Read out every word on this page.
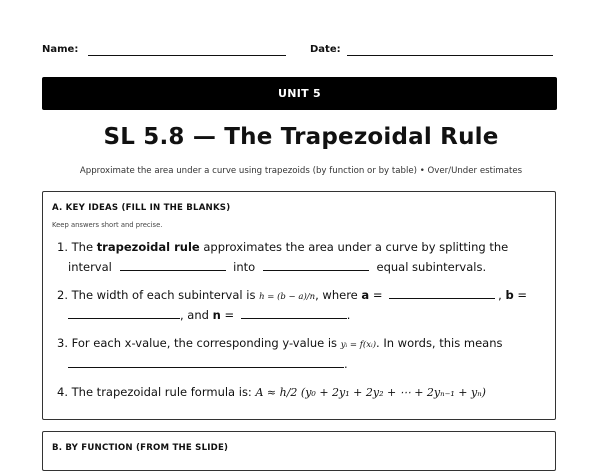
Name:	Date:
UNIT 5
SL 5.8 — The Trapezoidal Rule
Approximate the area under a curve using trapezoids (by function or by table) • Over/Under estimates
A. KEY IDEAS (FILL IN THE BLANKS)
Keep answers short and precise.
1. The trapezoidal rule approximates the area under a curve by splitting the
interval	into	equal subintervals.
2. The width of each subinterval is h = (b − a)/n, where a =	, b =
, and n =	.
3. For each x-value, the corresponding y-value is yᵢ = f(xᵢ). In words, this means
.
4. The trapezoidal rule formula is: A ≈ h/2 (y₀ + 2y₁ + 2y₂ + ⋯ + 2yₙ₋₁ + yₙ)
B. BY FUNCTION (FROM THE SLIDE)
